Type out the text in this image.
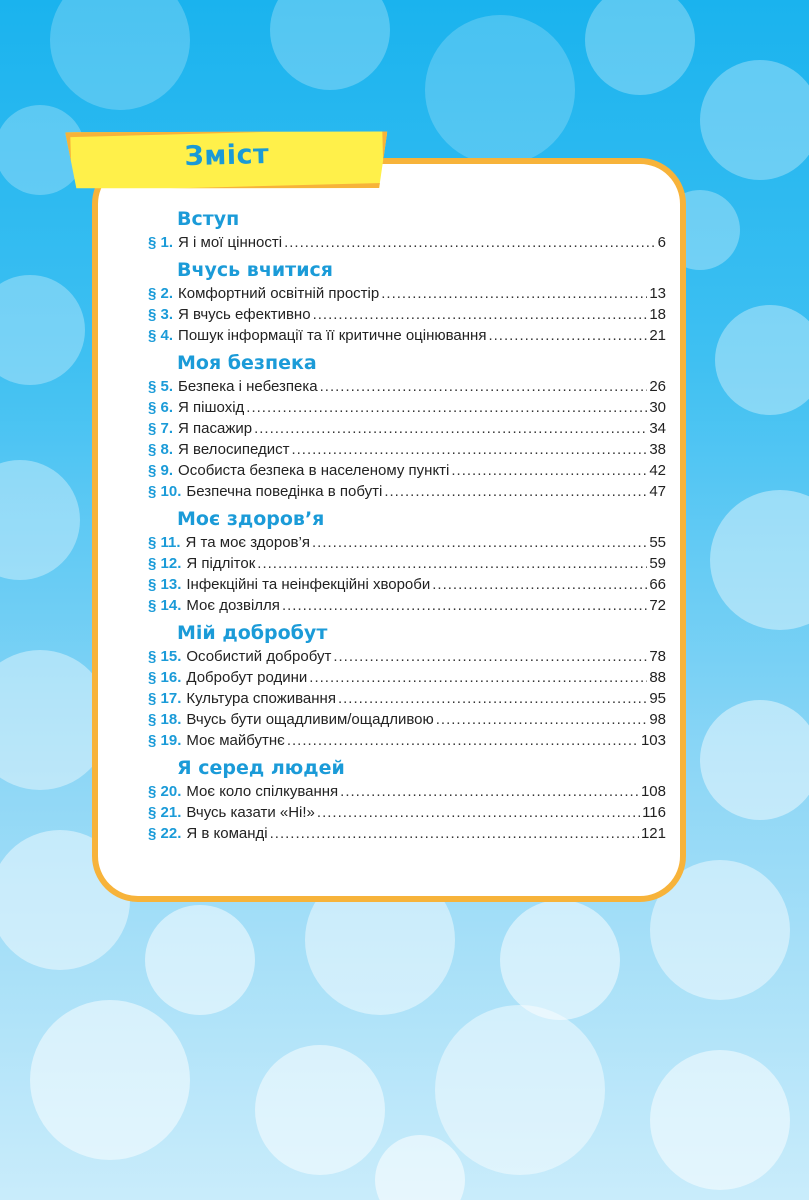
Зміст
Вступ
§ 1. Я і мої цінності .....	6
Вчусь вчитися
§ 2. Комфортний освітній простір .....	13
§ 3. Я вчусь ефективно .....	18
§ 4. Пошук інформації та її критичне оцінювання .....	21
Моя безпека
§ 5. Безпека і небезпека .....	26
§ 6. Я пішохід .....	30
§ 7. Я пасажир .....	34
§ 8. Я велосипедист .....	38
§ 9. Особиста безпека в населеному пункті .....	42
§ 10. Безпечна поведінка в побуті .....	47
Моє здоров’я
§ 11. Я та моє здоров’я .....	55
§ 12. Я підліток .....	59
§ 13. Інфекційні та неінфекційні хвороби .....	66
§ 14. Моє дозвілля .....	72
Мій добробут
§ 15. Особистий добробут .....	78
§ 16. Добробут родини .....	88
§ 17. Культура споживання .....	95
§ 18. Вчусь бути ощадливим/ощадливою .....	98
§ 19. Моє майбутнє .....	103
Я серед людей
§ 20. Моє коло спілкування .....	108
§ 21. Вчусь казати «Ні!» .....	116
§ 22. Я в команді .....	121
